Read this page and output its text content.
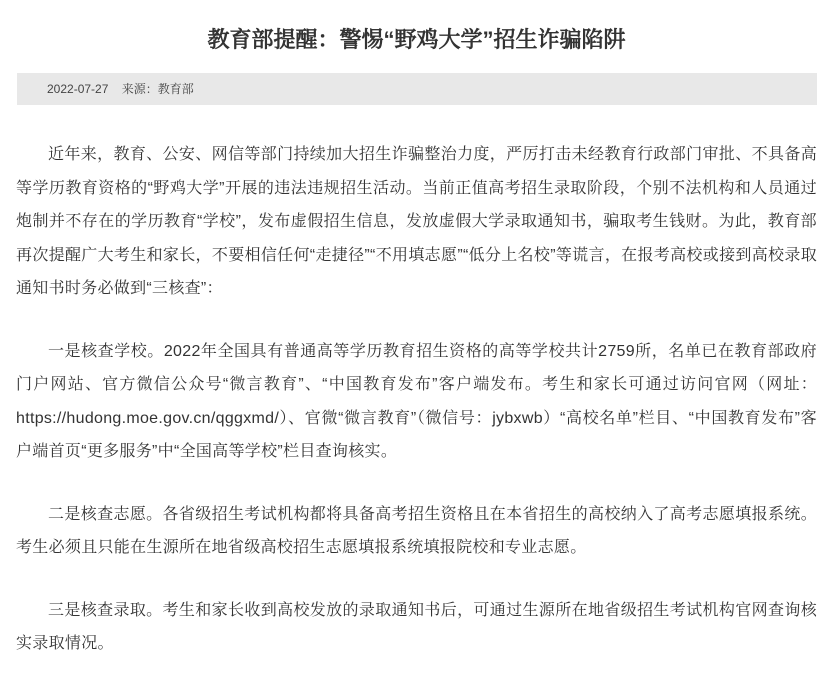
教育部提醒：警惕“野鸡大学”招生诈骗陷阱
2022-07-27 来源：教育部

近年来，教育、公安、网信等部门持续加大招生诈骗整治力度，严厉打击未经教育行政部门审批、不具备高等学历教育资格的“野鸡大学”开展的违法违规招生活动。当前正值高考招生录取阶段，个别不法机构和人员通过炮制并不存在的学历教育“学校”，发布虚假招生信息，发放虚假大学录取通知书，骗取考生钱财。为此，教育部再次提醒广大考生和家长，不要相信任何“走捷径”“不用填志愿”“低分上名校”等谎言，在报考高校或接到高校录取通知书时务必做到“三核查”：

一是核查学校。2022年全国具有普通高等学历教育招生资格的高等学校共计2759所，名单已在教育部政府门户网站、官方微信公众号“微言教育”、“中国教育发布”客户端发布。考生和家长可通过访问官网（网址：https://hudong.moe.gov.cn/qggxmd/）、官微“微言教育”（微信号：jybxwb）“高校名单”栏目、“中国教育发布”客户端首页“更多服务”中“全国高等学校”栏目查询核实。

二是核查志愿。各省级招生考试机构都将具备高考招生资格且在本省招生的高校纳入了高考志愿填报系统。考生必须且只能在生源所在地省级高校招生志愿填报系统填报院校和专业志愿。

三是核查录取。考生和家长收到高校发放的录取通知书后，可通过生源所在地省级招生考试机构官网查询核实录取情况。
